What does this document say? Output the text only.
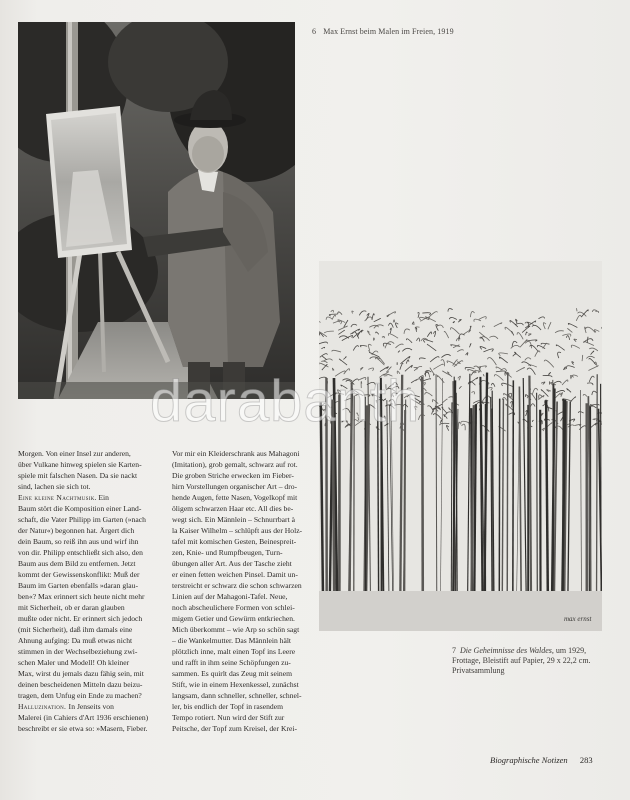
6 Max Ernst beim Malen im Freien, 1919
max ernst
7 Die Geheimnisse des Waldes, um 1929,
Frottage, Bleistift auf Papier, 29 x 22,2 cm.
Privatsammlung
Morgen. Von einer Insel zur anderen,
über Vulkane hinweg spielen sie Karten-
spiele mit falschen Nasen. Da sie nackt
sind, lachen sie sich tot.
Eine kleine Nachtmusik. Ein
Baum stört die Komposition einer Land-
schaft, die Vater Philipp im Garten (»nach
der Natur«) begonnen hat. Ärgert dich
dein Baum, so reiß ihn aus und wirf ihn
von dir. Philipp entschließt sich also, den
Baum aus dem Bild zu entfernen. Jetzt
kommt der Gewissenskonflikt: Muß der
Baum im Garten ebenfalls »daran glau-
ben«? Max erinnert sich heute nicht mehr
mit Sicherheit, ob er daran glauben
mußte oder nicht. Er erinnert sich jedoch
(mit Sicherheit), daß ihm damals eine
Ahnung aufging: Da muß etwas nicht
stimmen in der Wechselbeziehung zwi-
schen Maler und Modell! Oh kleiner
Max, wirst du jemals dazu fähig sein, mit
deinen bescheidenen Mitteln dazu beizu-
tragen, dem Unfug ein Ende zu machen?
Halluzination. In Jenseits von
Malerei (in Cahiers d'Art 1936 erschienen)
beschreibt er sie etwa so: »Masern, Fieber.
Vor mir ein Kleiderschrank aus Mahagoni
(Imitation), grob gemalt, schwarz auf rot.
Die groben Striche erwecken im Fieber-
hirn Vorstellungen organischer Art – dro-
hende Augen, fette Nasen, Vogelkopf mit
öligem schwarzen Haar etc. All dies be-
wegt sich. Ein Männlein – Schnurrbart à
la Kaiser Wilhelm – schlüpft aus der Holz-
tafel mit komischen Gesten, Beinespreit-
zen, Knie- und Rumpfbeugen, Turn-
übungen aller Art. Aus der Tasche zieht
er einen fetten weichen Pinsel. Damit un-
terstreicht er schwarz die schon schwarzen
Linien auf der Mahagoni-Tafel. Neue,
noch abscheulichere Formen von schlei-
migem Getier und Gewürm entkriechen.
Mich überkommt – wie Arp so schön sagt
– die Wankelmutter. Das Männlein hält
plötzlich inne, malt einen Topf ins Leere
und rafft in ihm seine Schöpfungen zu-
sammen. Es quirlt das Zeug mit seinem
Stift, wie in einem Hexenkessel, zunächst
langsam, dann schneller, schneller, schnel-
ler, bis endlich der Topf in rasendem
Tempo rotiert. Nun wird der Stift zur
Peitsche, der Topf zum Kreisel, der Krei-
Biographische Notizen 283
darabanth
